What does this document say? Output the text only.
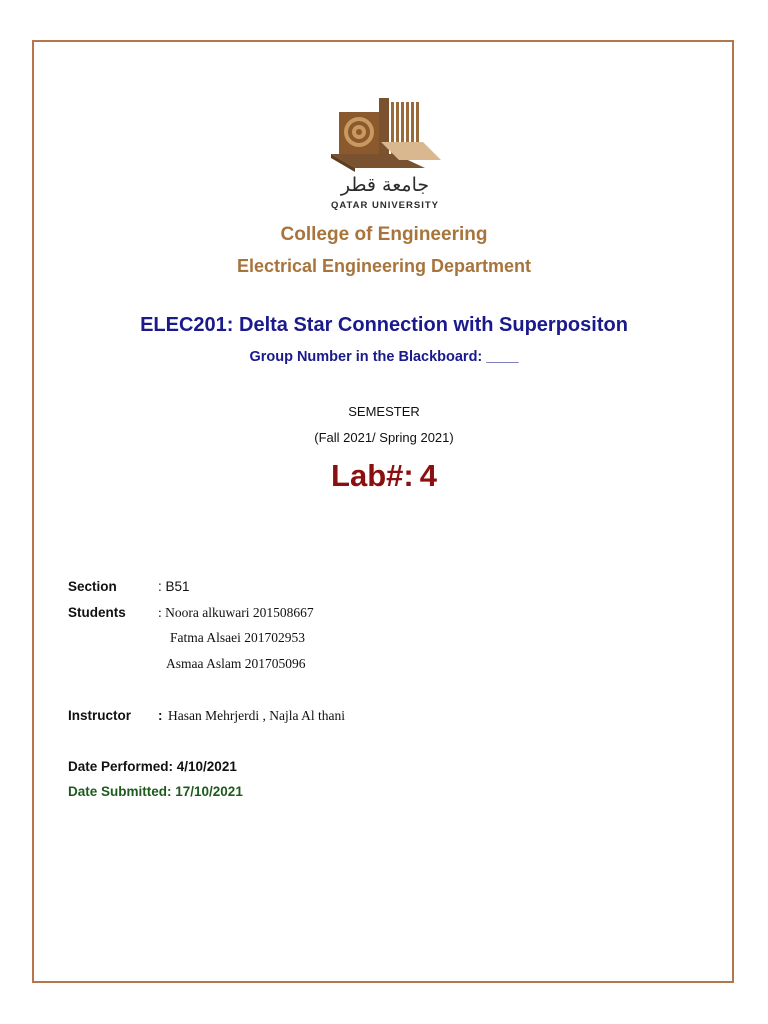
جامعة قطر
QATAR UNIVERSITY
College of Engineering
Electrical Engineering Department
ELEC201: Delta Star Connection with Superpositon
Group Number in the Blackboard: ____
SEMESTER
(Fall 2021/ Spring 2021)
Lab#: 4
Section	: B51
Students : Noora alkuwari 201508667
Fatma Alsaei 201702953
Asmaa Aslam 201705096
Instructor : Hasan Mehrjerdi , Najla Al thani
Date Performed: 4/10/2021
Date Submitted: 17/10/2021
